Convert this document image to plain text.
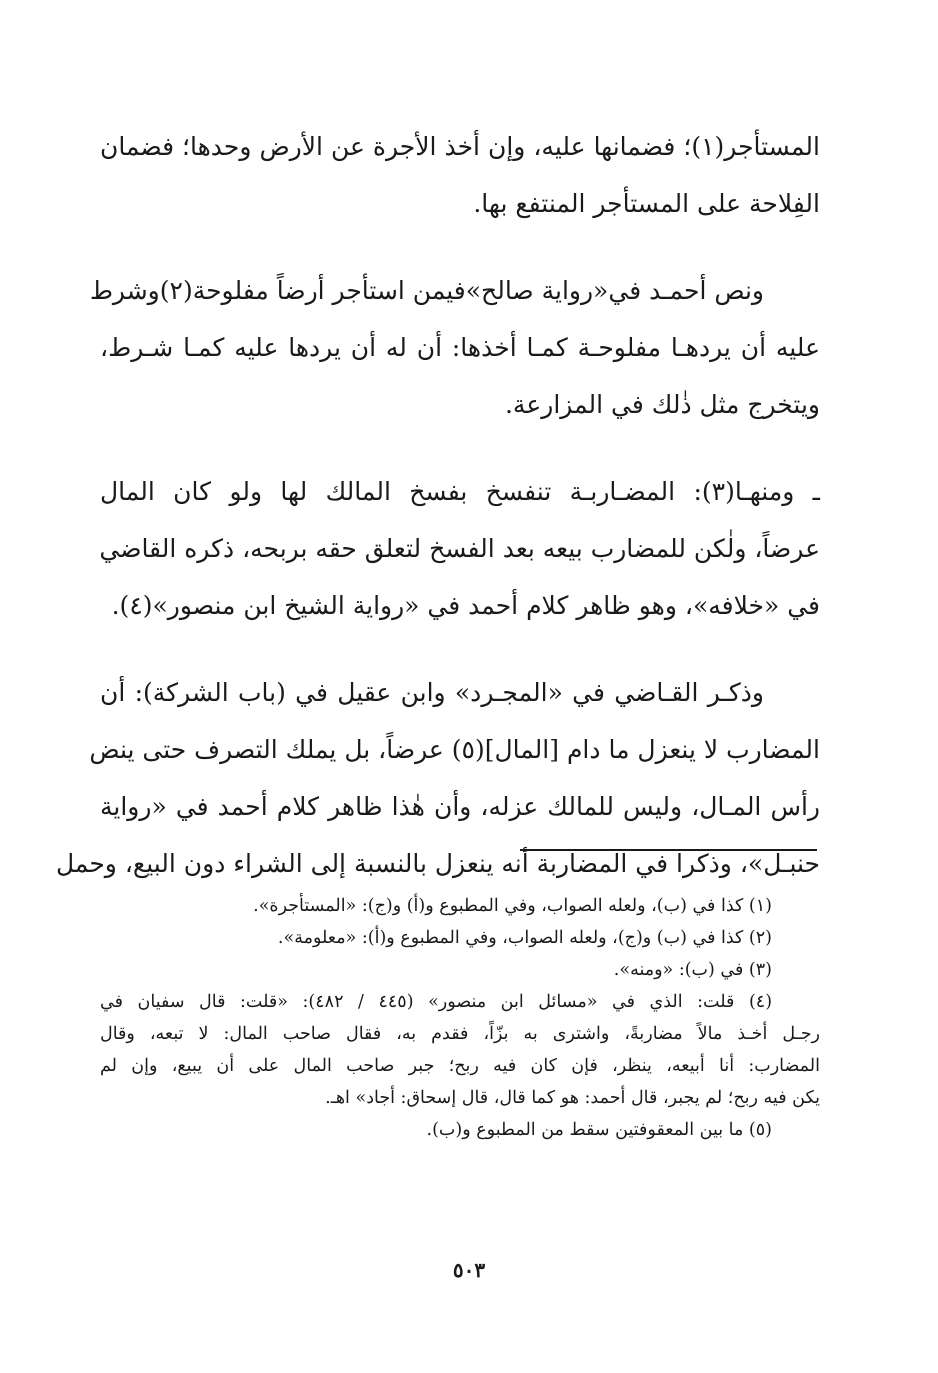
المستأجر(١)؛ فضمانها عليه، وإن أخذ الأجرة عن الأرض وحدها؛ فضمان
الفِلاحة على المستأجر المنتفع بها.
ونص أحمـد في«رواية صالح»فيمن استأجر أرضاً مفلوحة(٢)وشرط
عليه أن يردهـا مفلوحـة كمـا أخذها: أن له أن يردها عليه كمـا شـرط،
ويتخرج مثل ذٰلك في المزارعة.
ـ ومنهـا(٣): المضـاربـة تنفسخ بفسخ المالك لها ولو كان المال
عرضاً، ولٰكن للمضارب بيعه بعد الفسخ لتعلق حقه بربحه، ذكره القاضي
في «خلافه»، وهو ظاهر كلام أحمد في «رواية الشيخ ابن منصور»(٤).
وذكـر القـاضي في «المجـرد» وابن عقيل في (باب الشركة): أن
المضارب لا ينعزل ما دام [المال](٥) عرضاً، بل يملك التصرف حتى ينض
رأس المـال، وليس للمالك عزله، وأن هٰذا ظاهر كلام أحمد في «رواية
حنبـل»، وذكرا في المضاربة أنه ينعزل بالنسبة إلى الشراء دون البيع، وحمل
(١) كذا في (ب)، ولعله الصواب، وفي المطبوع و(أ) و(ج): «المستأجرة».
(٢) كذا في (ب) و(ج)، ولعله الصواب، وفي المطبوع و(أ): «معلومة».
(٣) في (ب): «ومنه».
(٤) قلت: الذي في «مسائل ابن منصور» (٤٤٥ / ٤٨٢): «قلت: قال سفيان في
رجـل أخـذ مالاً مضاربةً، واشترى به بزّاً، فقدم به، فقال صاحب المال: لا تبعه، وقال
المضارب: أنا أبيعه، ينظر، فإن كان فيه ربح؛ جبر صاحب المال على أن يبيع، وإن لم
يكن فيه ربح؛ لم يجبر، قال أحمد: هو كما قال، قال إسحاق: أجاد» اهـ.
(٥) ما بين المعقوفتين سقط من المطبوع و(ب).
٥٠٣
